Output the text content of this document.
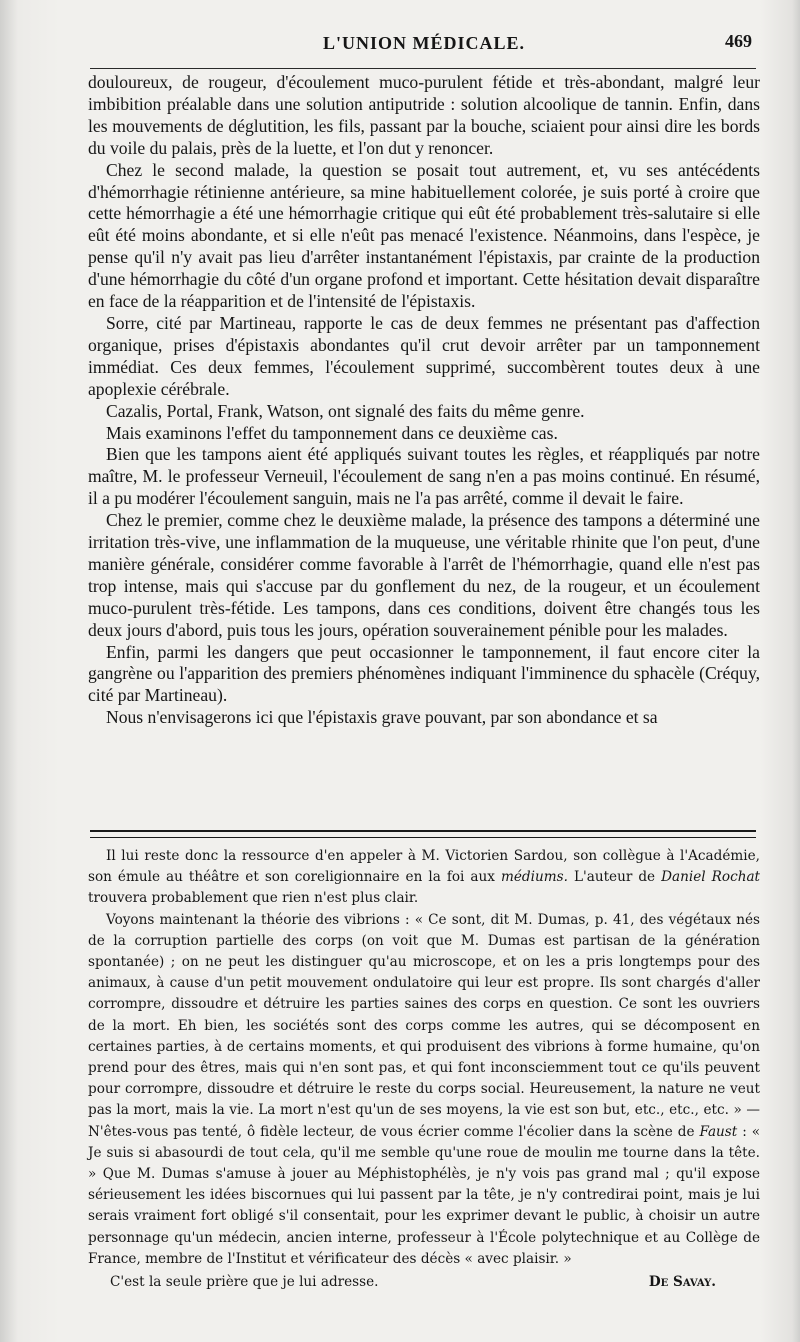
L'UNION MÉDICALE.	469

douloureux, de rougeur, d'écoulement muco-purulent fétide et très-abondant, malgré leur imbibition préalable dans une solution antiputride : solution alcoolique de tannin. Enfin, dans les mouvements de déglutition, les fils, passant par la bouche, sciaient pour ainsi dire les bords du voile du palais, près de la luette, et l'on dut y renoncer.

Chez le second malade, la question se posait tout autrement, et, vu ses antécédents d'hémorrhagie rétinienne antérieure, sa mine habituellement colorée, je suis porté à croire que cette hémorrhagie a été une hémorrhagie critique qui eût été probablement très-salutaire si elle eût été moins abondante, et si elle n'eût pas menacé l'existence. Néanmoins, dans l'espèce, je pense qu'il n'y avait pas lieu d'arrêter instantanément l'épistaxis, par crainte de la production d'une hémorrhagie du côté d'un organe profond et important. Cette hésitation devait disparaître en face de la réapparition et de l'intensité de l'épistaxis.

Sorre, cité par Martineau, rapporte le cas de deux femmes ne présentant pas d'affection organique, prises d'épistaxis abondantes qu'il crut devoir arrêter par un tamponnement immédiat. Ces deux femmes, l'écoulement supprimé, succombèrent toutes deux à une apoplexie cérébrale.

Cazalis, Portal, Frank, Watson, ont signalé des faits du même genre.

Mais examinons l'effet du tamponnement dans ce deuxième cas.

Bien que les tampons aient été appliqués suivant toutes les règles, et réappliqués par notre maître, M. le professeur Verneuil, l'écoulement de sang n'en a pas moins continué. En résumé, il a pu modérer l'écoulement sanguin, mais ne l'a pas arrêté, comme il devait le faire.

Chez le premier, comme chez le deuxième malade, la présence des tampons a déterminé une irritation très-vive, une inflammation de la muqueuse, une véritable rhinite que l'on peut, d'une manière générale, considérer comme favorable à l'arrêt de l'hémorrhagie, quand elle n'est pas trop intense, mais qui s'accuse par du gonflement du nez, de la rougeur, et un écoulement muco-purulent très-fétide. Les tampons, dans ces conditions, doivent être changés tous les deux jours d'abord, puis tous les jours, opération souverainement pénible pour les malades.

Enfin, parmi les dangers que peut occasionner le tamponnement, il faut encore citer la gangrène ou l'apparition des premiers phénomènes indiquant l'imminence du sphacèle (Créquy, cité par Martineau).

Nous n'envisagerons ici que l'épistaxis grave pouvant, par son abondance et sa

Il lui reste donc la ressource d'en appeler à M. Victorien Sardou, son collègue à l'Académie, son émule au théâtre et son coreligionnaire en la foi aux médiums. L'auteur de Daniel Rochat trouvera probablement que rien n'est plus clair.

Voyons maintenant la théorie des vibrions : « Ce sont, dit M. Dumas, p. 41, des végétaux nés de la corruption partielle des corps (on voit que M. Dumas est partisan de la génération spontanée) ; on ne peut les distinguer qu'au microscope, et on les a pris longtemps pour des animaux, à cause d'un petit mouvement ondulatoire qui leur est propre. Ils sont chargés d'aller corrompre, dissoudre et détruire les parties saines des corps en question. Ce sont les ouvriers de la mort. Eh bien, les sociétés sont des corps comme les autres, qui se décomposent en certaines parties, à de certains moments, et qui produisent des vibrions à forme humaine, qu'on prend pour des êtres, mais qui n'en sont pas, et qui font inconsciemment tout ce qu'ils peuvent pour corrompre, dissoudre et détruire le reste du corps social. Heureusement, la nature ne veut pas la mort, mais la vie. La mort n'est qu'un de ses moyens, la vie est son but, etc., etc., etc. » — N'êtes-vous pas tenté, ô fidèle lecteur, de vous écrier comme l'écolier dans la scène de Faust : « Je suis si abasourdi de tout cela, qu'il me semble qu'une roue de moulin me tourne dans la tête. » Que M. Dumas s'amuse à jouer au Méphistophélès, je n'y vois pas grand mal ; qu'il expose sérieusement les idées biscornues qui lui passent par la tête, je n'y contredirai point, mais je lui serais vraiment fort obligé s'il consentait, pour les exprimer devant le public, à choisir un autre personnage qu'un médecin, ancien interne, professeur à l'École polytechnique et au Collège de France, membre de l'Institut et vérificateur des décès « avec plaisir. »

C'est la seule prière que je lui adresse.	De Savay.
